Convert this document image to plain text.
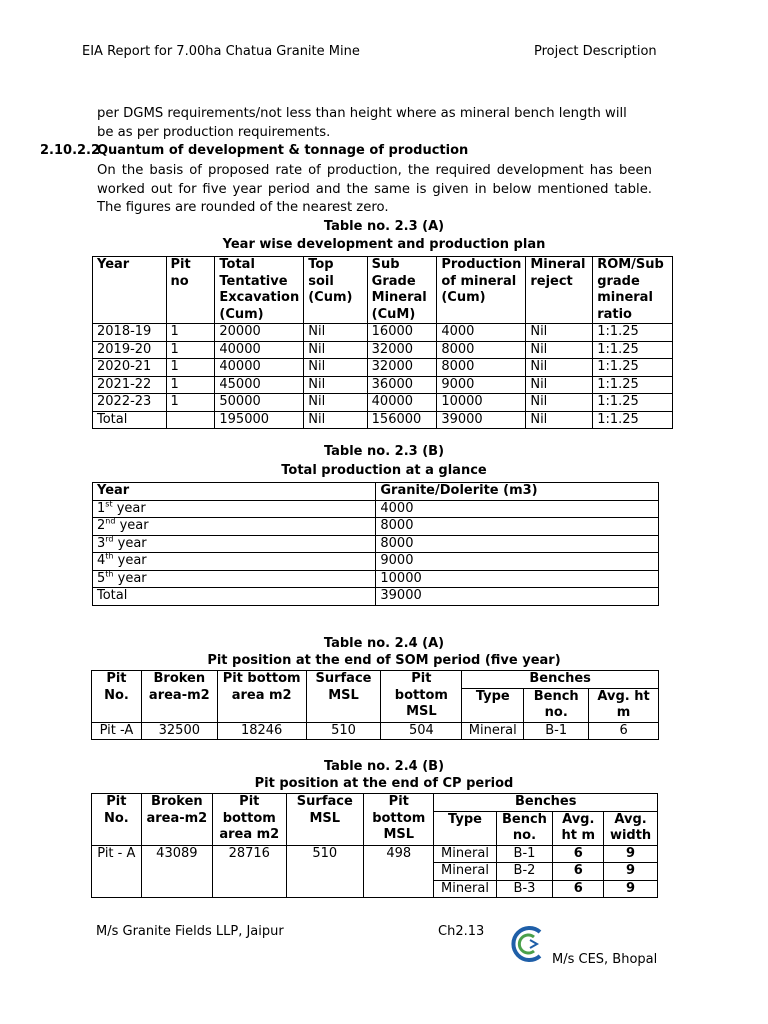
EIA Report for 7.00ha Chatua Granite Mine	Project Description
per DGMS requirements/not less than height where as mineral bench length will
be as per production requirements.
2.10.2.2Quantum of development & tonnage of production
On the basis of proposed rate of production, the required development has been worked out for five year period and the same is given in below mentioned table. The figures are rounded of the nearest zero.
Table no. 2.3 (A)
Year wise development and production plan
Year	Pit no	Total Tentative Excavation (Cum)	Top soil (Cum)	Sub Grade Mineral (CuM)	Production of mineral (Cum)	Mineral reject	ROM/Sub grade mineral ratio
2018-19	1	20000	Nil	16000	4000	Nil	1:1.25
2019-20	1	40000	Nil	32000	8000	Nil	1:1.25
2020-21	1	40000	Nil	32000	8000	Nil	1:1.25
2021-22	1	45000	Nil	36000	9000	Nil	1:1.25
2022-23	1	50000	Nil	40000	10000	Nil	1:1.25
Total		195000	Nil	156000	39000	Nil	1:1.25
Table no. 2.3 (B)
Total production at a glance
Year	Granite/Dolerite (m3)
1st year	4000
2nd year	8000
3rd year	8000
4th year	9000
5th year	10000
Total	39000
Table no. 2.4 (A)
Pit position at the end of SOM period (five year)
Pit No.	Broken area-m2	Pit bottom area m2	Surface MSL	Pit bottom MSL	Benches		
					Type	Bench no.	Avg. ht m
Pit -A	32500	18246	510	504	Mineral	B-1	6
Table no. 2.4 (B)
Pit position at the end of CP period
Pit No.	Broken area-m2	Pit bottom area m2	Surface MSL	Pit bottom MSL	Benches			
					Type	Bench no.	Avg. ht m	Avg. width
Pit - A	43089	28716	510	498	Mineral	B-1	6	9
					Mineral	B-2	6	9
					Mineral	B-3	6	9
M/s Granite Fields LLP, Jaipur	Ch2.13
M/s CES, Bhopal
